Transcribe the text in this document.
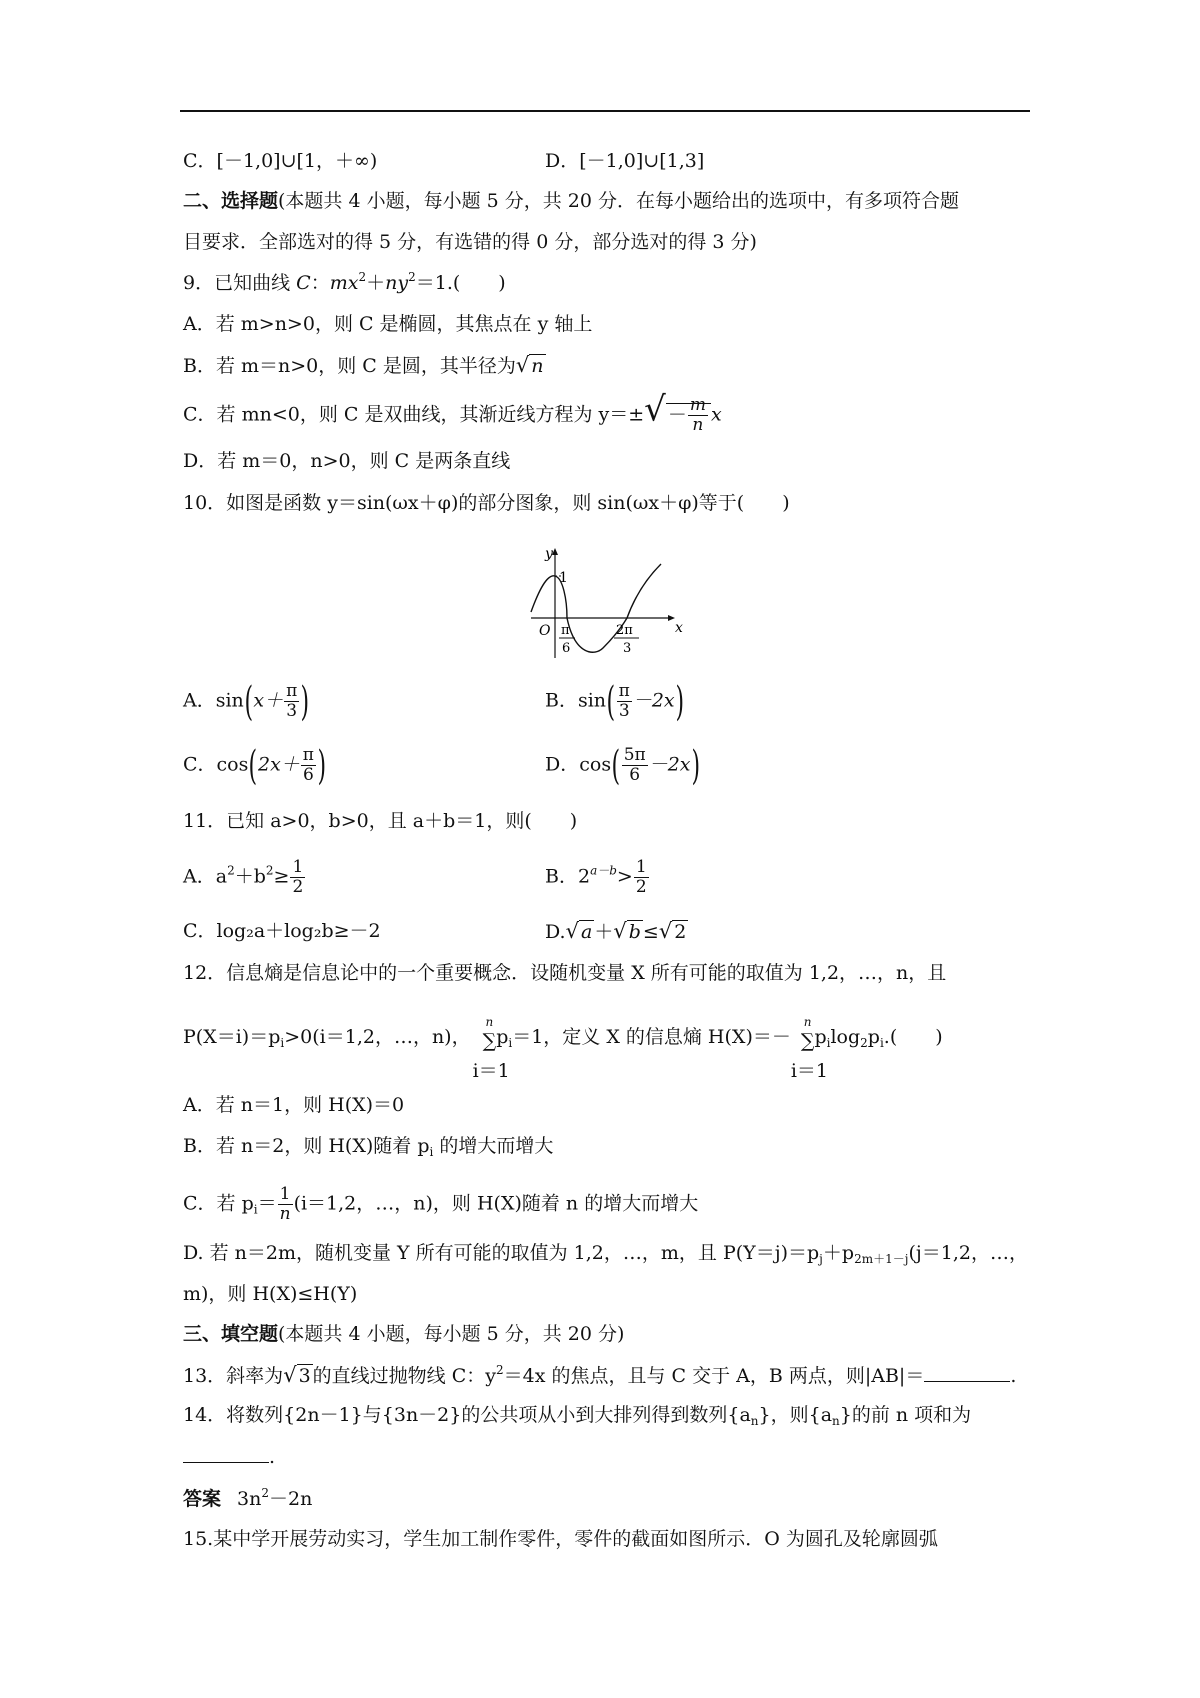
C．[－1,0]∪[1，＋∞)	D．[－1,0]∪[1,3]
二、选择题(本题共 4 小题，每小题 5 分，共 20 分．在每小题给出的选项中，有多项符合题
目要求．全部选对的得 5 分，有选错的得 0 分，部分选对的得 3 分)
9．已知曲线 C：$mx^2+ny^2=1$.(　　)
A．若 m>n>0，则 C 是椭圆，其焦点在 y 轴上
B．若 m＝n>0，则 C 是圆，其半径为√ n
C．若 mn<0，则 C 是双曲线，其渐近线方程为 $y=\pm√ - \frac{m}{n}$ x
D．若 m＝0，n>0，则 C 是两条直线
10．如图是函数 y＝sin(ωx＋φ)的部分图象，则 sin(ωx＋φ)等于(　　)
y
1
O π
6
2π
3
x
A．$\sin(x+ \frac{\pi}{3}$ )	B．$\sin( \frac{\pi}{3} -2x)$
C．$\cos(2x+ \frac{\pi}{6}$ )	D．$\cos( \frac{5\pi}{6} -2x)$
11．已知 a>0，b>0，且 a＋b＝1，则(　　)
A．$a^2+b^2\ge \frac{1}{2}$	B．$2^{a-b}> \frac{1}{2}$
C．log₂a＋log₂b≥－2	D.√ a ＋√ b ≤√ 2
12．信息熵是信息论中的一个重要概念．设随机变量 X 所有可能的取值为 1,2，…，n，且
$P(X=i)=p_i>0(i=1,2$，…，n)，
n
∑
i＝1
$p_i=1$，定义 X 的信息熵 H(X)＝－
n
∑
i＝1
$p_i\log_2p_i$.(　　)
A．若 n＝1，则 H(X)＝0
B．若 n＝2，则 H(X)随着 $p_i$ 的增大而增大
C．若 $p_i= \frac{1}{n} (i=1,2$，…，n)，则 H(X)随着 n 的增大而增大
D. 若 n＝2m，随机变量 Y 所有可能的取值为 1,2，…，m，且 $P(Y=j)=p_j+p_{2m+1-j}(j=1,2$，…，
m)，则 H(X)≤H(Y)
三、填空题(本题共 4 小题，每小题 5 分，共 20 分)
13．斜率为√ 3 的直线过抛物线 C：$y^2=4x$ 的焦点，且与 C 交于 A，B 两点，则|AB|＝	.
14．将数列{2n－1}与{3n－2}的公共项从小到大排列得到数列$\{a_n\}$，则$\{a_n\}$的前 n 项和为
.
答案 $3n^2-2n$
15.某中学开展劳动实习，学生加工制作零件，零件的截面如图所示．O 为圆孔及轮廓圆弧
